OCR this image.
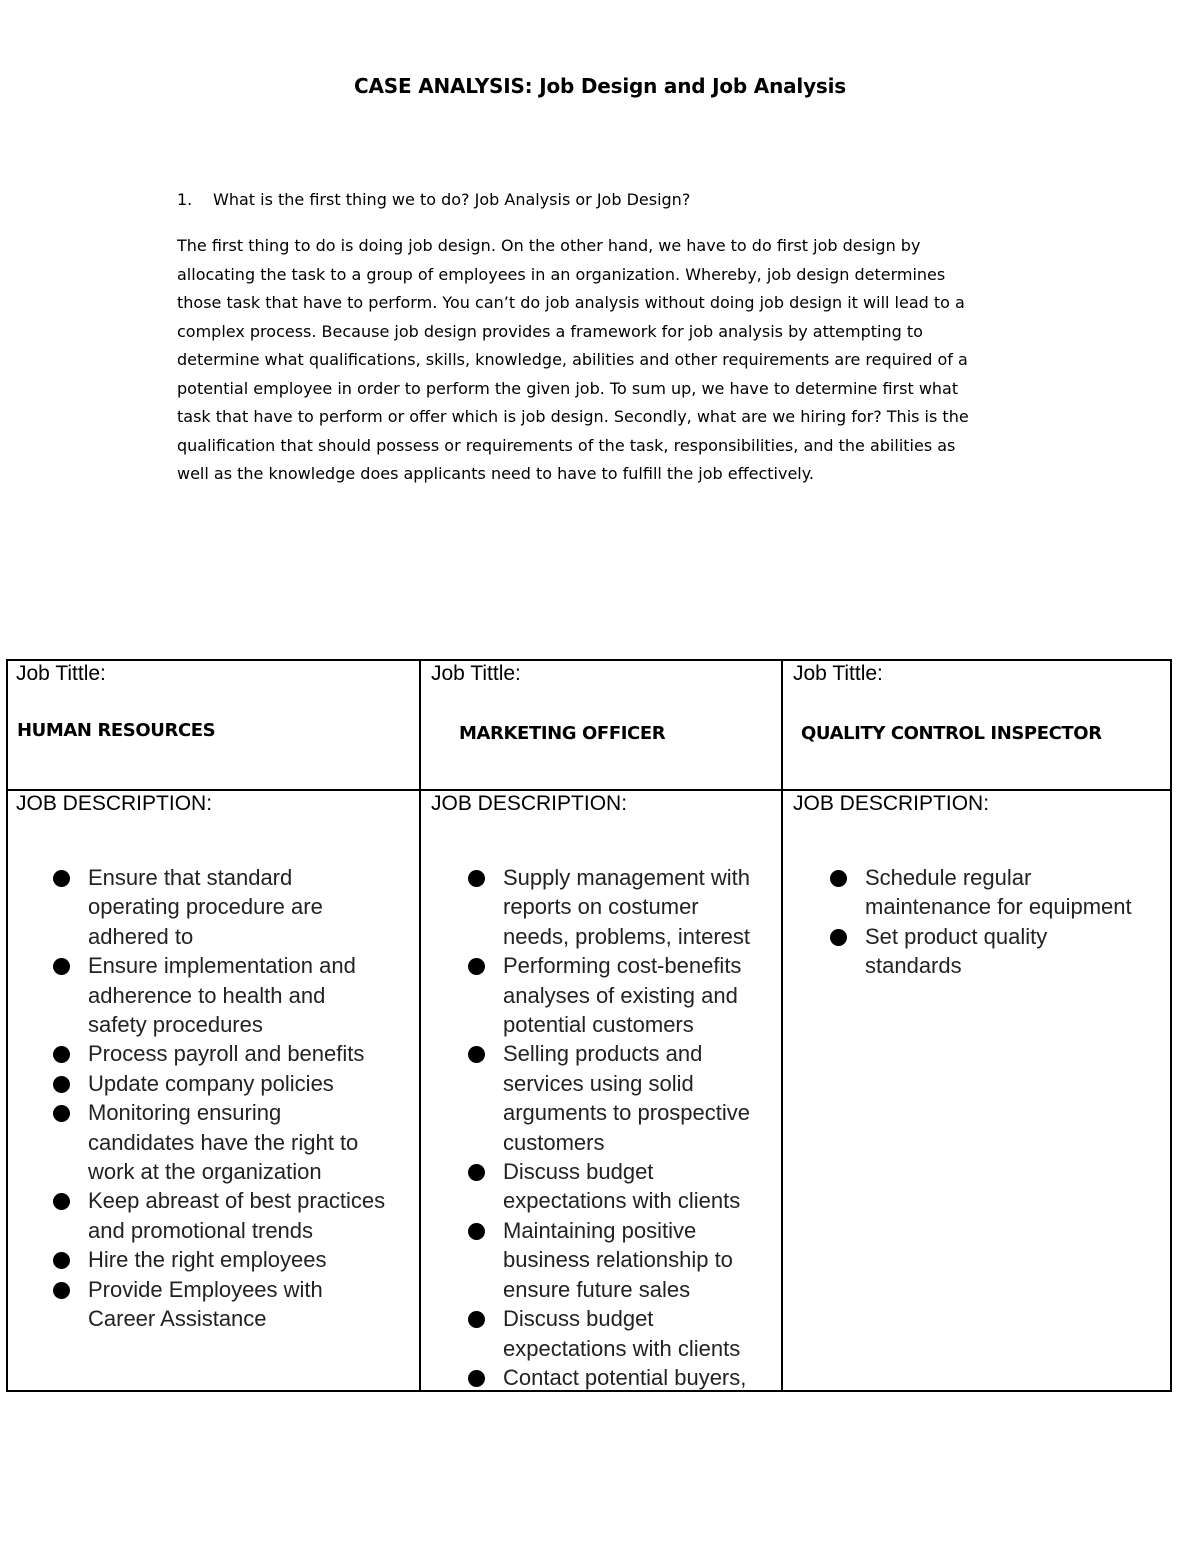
CASE ANALYSIS: Job Design and Job Analysis
1. What is the first thing we to do? Job Analysis or Job Design?
The first thing to do is doing job design. On the other hand, we have to do first job design by
allocating the task to a group of employees in an organization. Whereby, job design determines
those task that have to perform. You can’t do job analysis without doing job design it will lead to a
complex process. Because job design provides a framework for job analysis by attempting to
determine what qualifications, skills, knowledge, abilities and other requirements are required of a
potential employee in order to perform the given job. To sum up, we have to determine first what
task that have to perform or offer which is job design. Secondly, what are we hiring for? This is the
qualification that should possess or requirements of the task, responsibilities, and the abilities as
well as the knowledge does applicants need to have to fulfill the job effectively.
Job Tittle:
HUMAN RESOURCES
JOB DESCRIPTION:
Ensure that standard
operating procedure are
adhered to
Ensure implementation and
adherence to health and
safety procedures
Process payroll and benefits
Update company policies
Monitoring ensuring
candidates have the right to
work at the organization
Keep abreast of best practices
and promotional trends
Hire the right employees
Provide Employees with
Career Assistance
Job Tittle:
MARKETING OFFICER
JOB DESCRIPTION:
Supply management with
reports on costumer
needs, problems, interest
Performing cost-benefits
analyses of existing and
potential customers
Selling products and
services using solid
arguments to prospective
customers
Discuss budget
expectations with clients
Maintaining positive
business relationship to
ensure future sales
Discuss budget
expectations with clients
Contact potential buyers,
Job Tittle:
QUALITY CONTROL INSPECTOR
JOB DESCRIPTION:
Schedule regular
maintenance for equipment
Set product quality
standards
